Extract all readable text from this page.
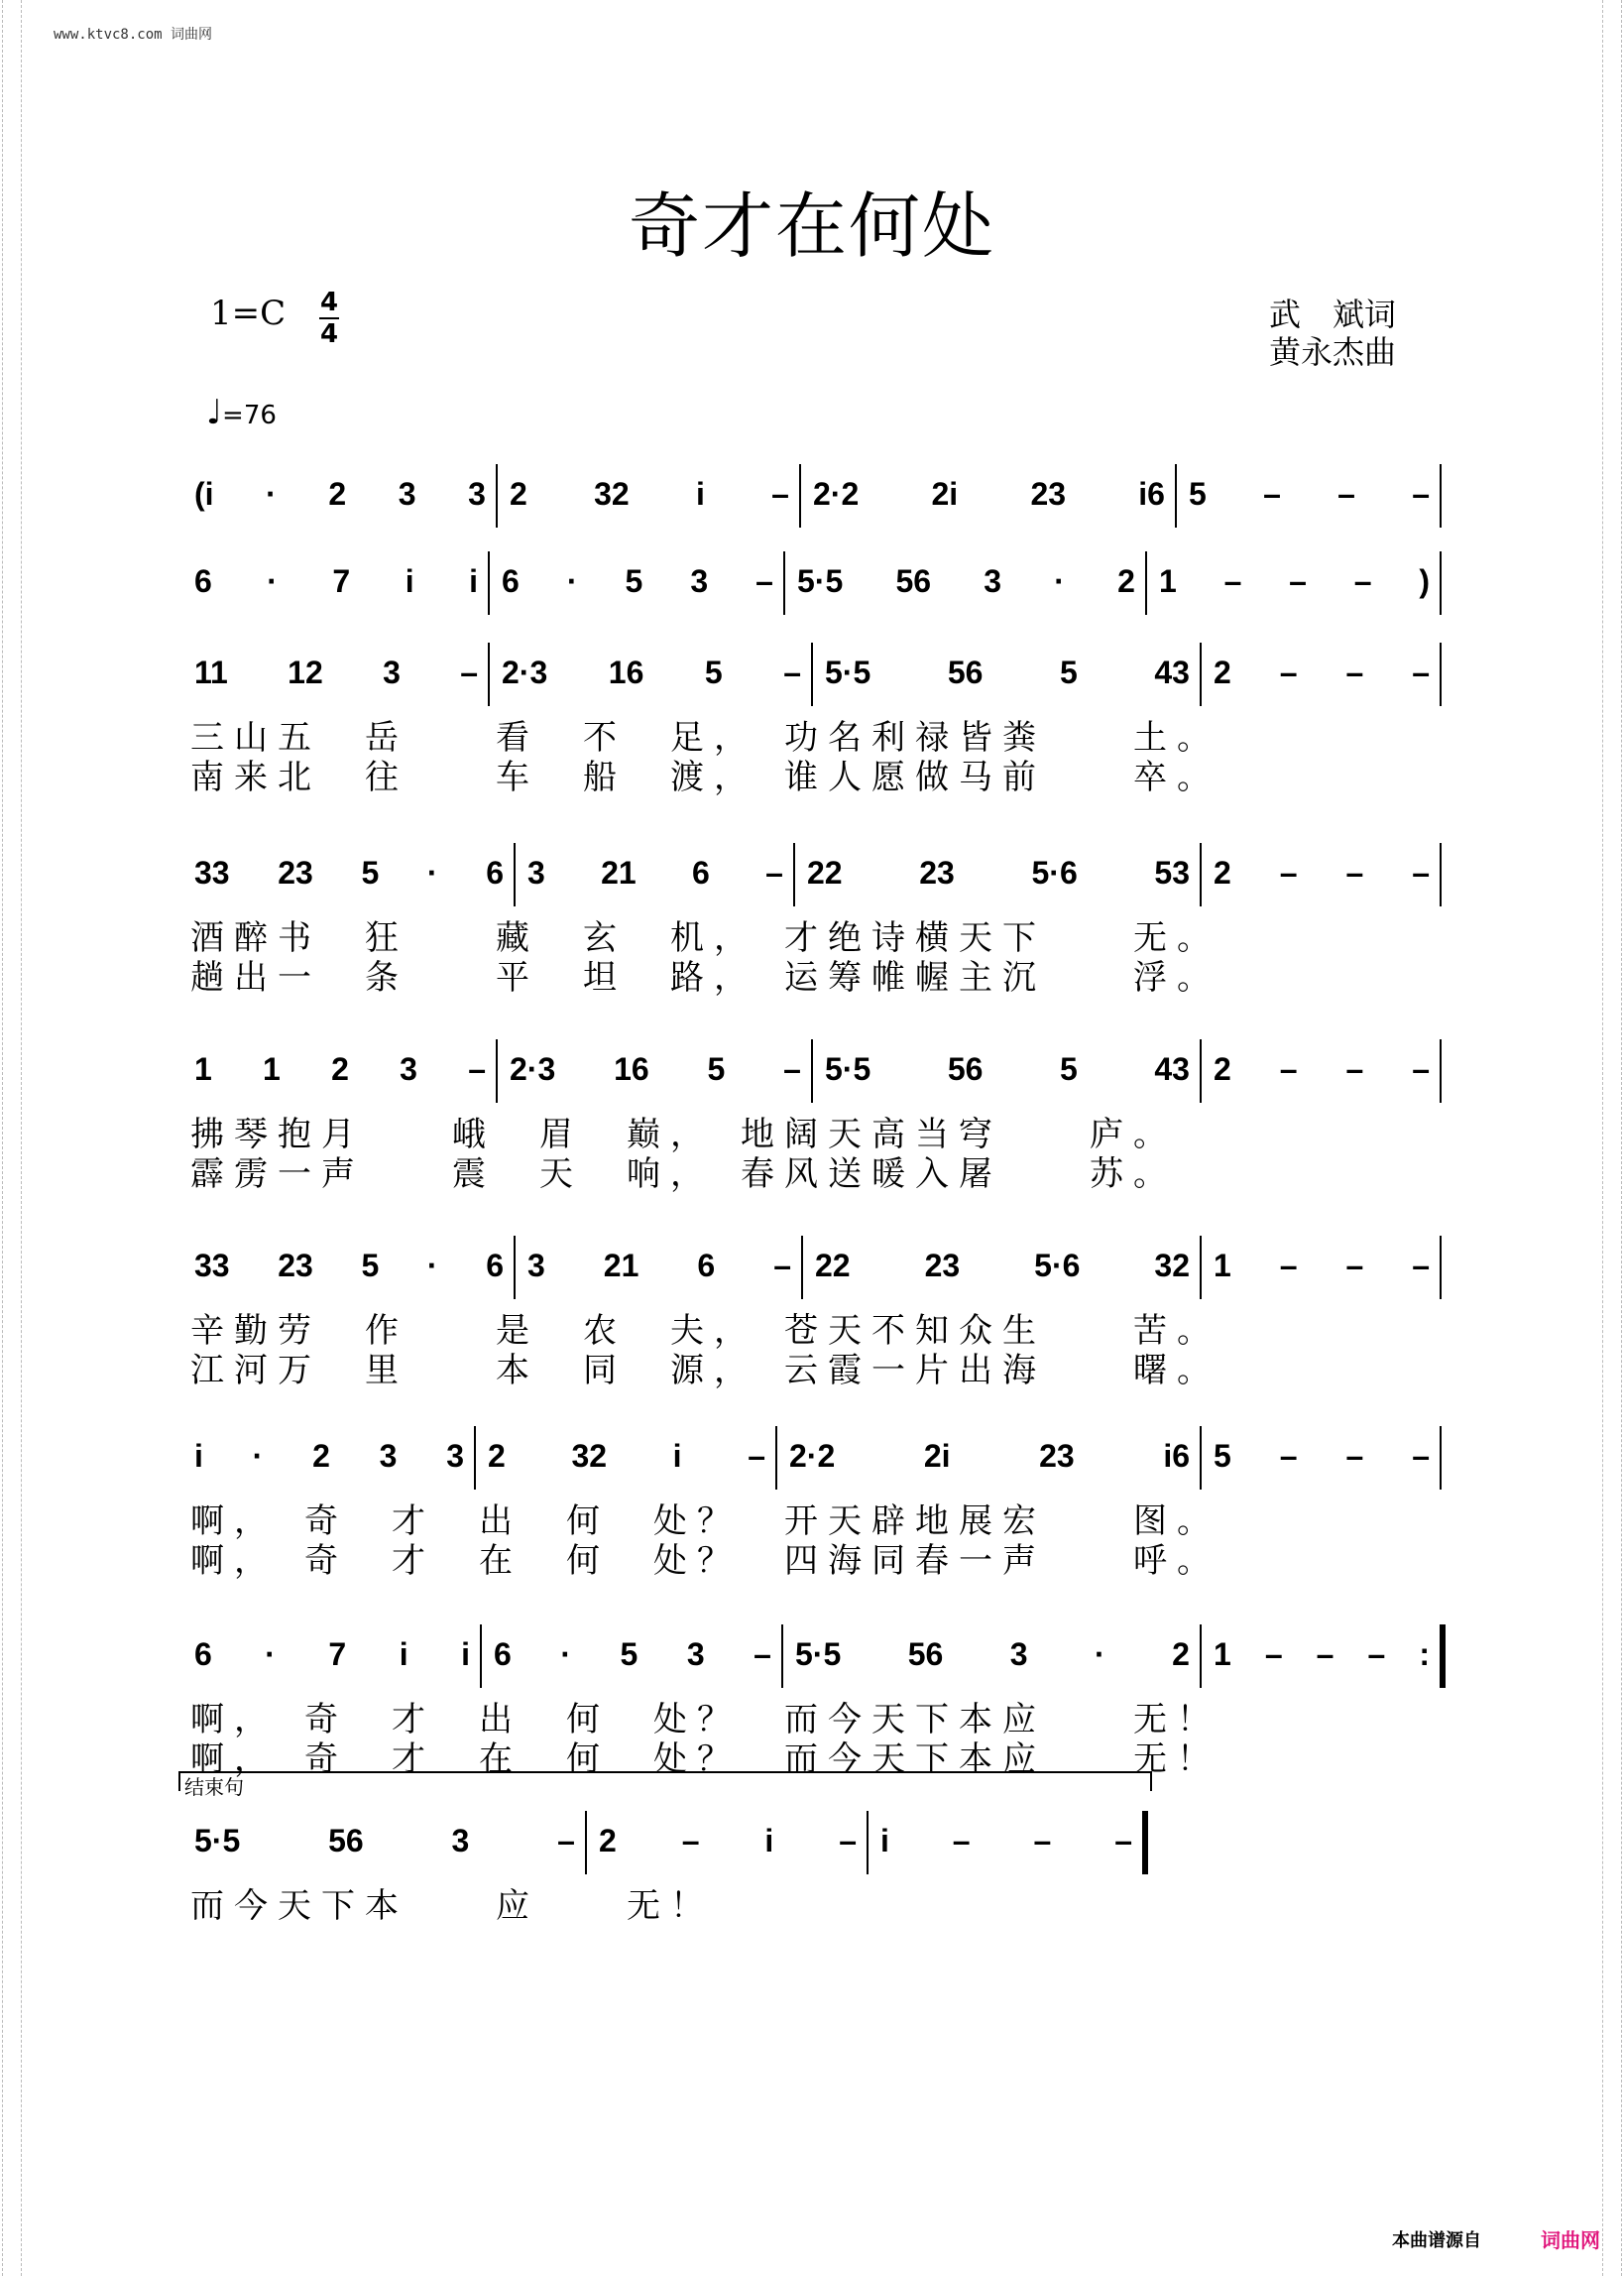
www.ktvc8.com 词曲网
奇才在何处
1=C 4
4
武　斌词
黄永杰曲
♩=76
(i · 2 3 3 2 32 i – 2·2 2i 23 i6 5 – – –
6 · 7 i i 6 · 5 3 – 5·5 56 3 · 2 1 – – – )
11 12 3 – 2·3 16 5 – 5·5 56 5 43 2 – – –
三山五　岳　　看　不　足，　功名利禄皆粪　　土。
南来北　往　　车　船　渡，　谁人愿做马前　　卒。
33 23 5 · 6 3 21 6 – 22 23 5·6 53 2 – – –
酒醉书　狂　　藏　玄　机，　才绝诗横天下　　无。
趟出一　条　　平　坦　路，　运筹帷幄主沉　　浮。
1 1 2 3 – 2·3 16 5 – 5·5 56 5 43 2 – – –
拂琴抱月　　峨　眉　巅，　地阔天高当穹　　庐。
霹雳一声　　震　天　响，　春风送暖入屠　　苏。
33 23 5 · 6 3 21 6 – 22 23 5·6 32 1 – – –
辛勤劳　作　　是　农　夫，　苍天不知众生　　苦。
江河万　里　　本　同　源，　云霞一片出海　　曙。
i · 2 3 3 2 32 i – 2·2	2i	23	i6 5 – – –
啊，　奇　才　出　何　处？　开天辟地展宏　　图。
啊，　奇　才　在　何　处？　四海同春一声　　呼。
6 · 7 i i 6 · 5 3 – 5·5 56 3 · 2 1 – – – :
啊，　奇　才　出　何　处？　而今天下本应　　无！
啊，　奇　才　在　何　处？　而今天下本应　　无！
5·5	56	3	– 2 – i – i – – –
而今天下本　　应　　无！
结束句
本曲谱源自	词曲网
